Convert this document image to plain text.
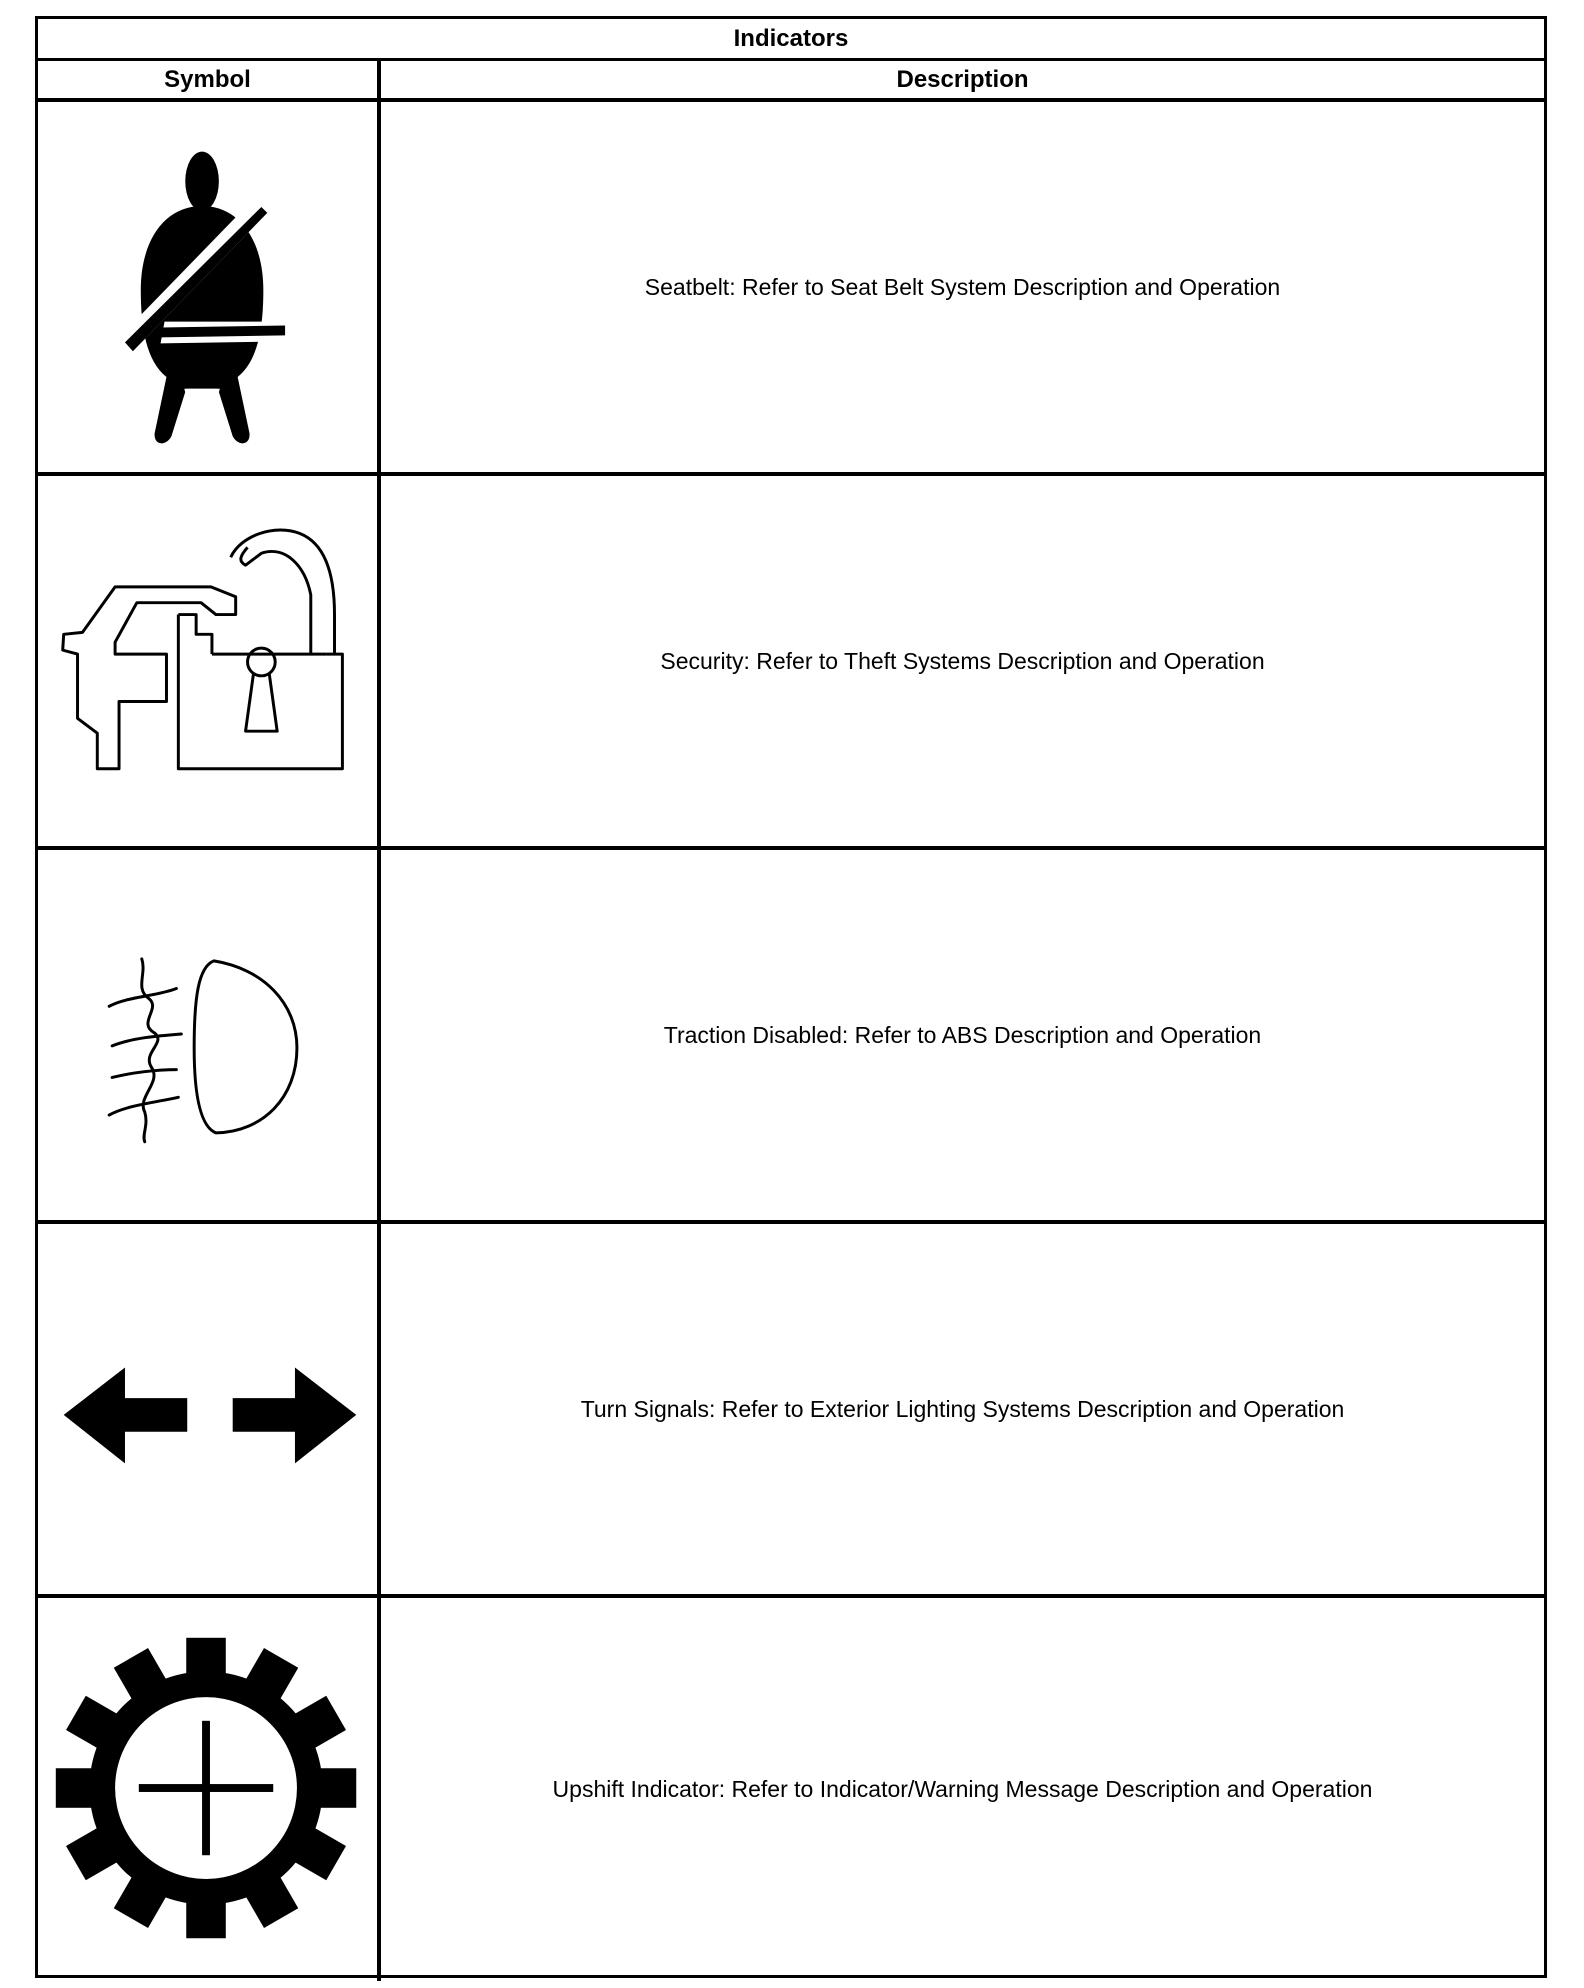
Indicators
Symbol	Description
Seatbelt: Refer to Seat Belt System Description and Operation
Security: Refer to Theft Systems Description and Operation
Traction Disabled: Refer to ABS Description and Operation
Turn Signals: Refer to Exterior Lighting Systems Description and Operation
Upshift Indicator: Refer to Indicator/Warning Message Description and Operation
